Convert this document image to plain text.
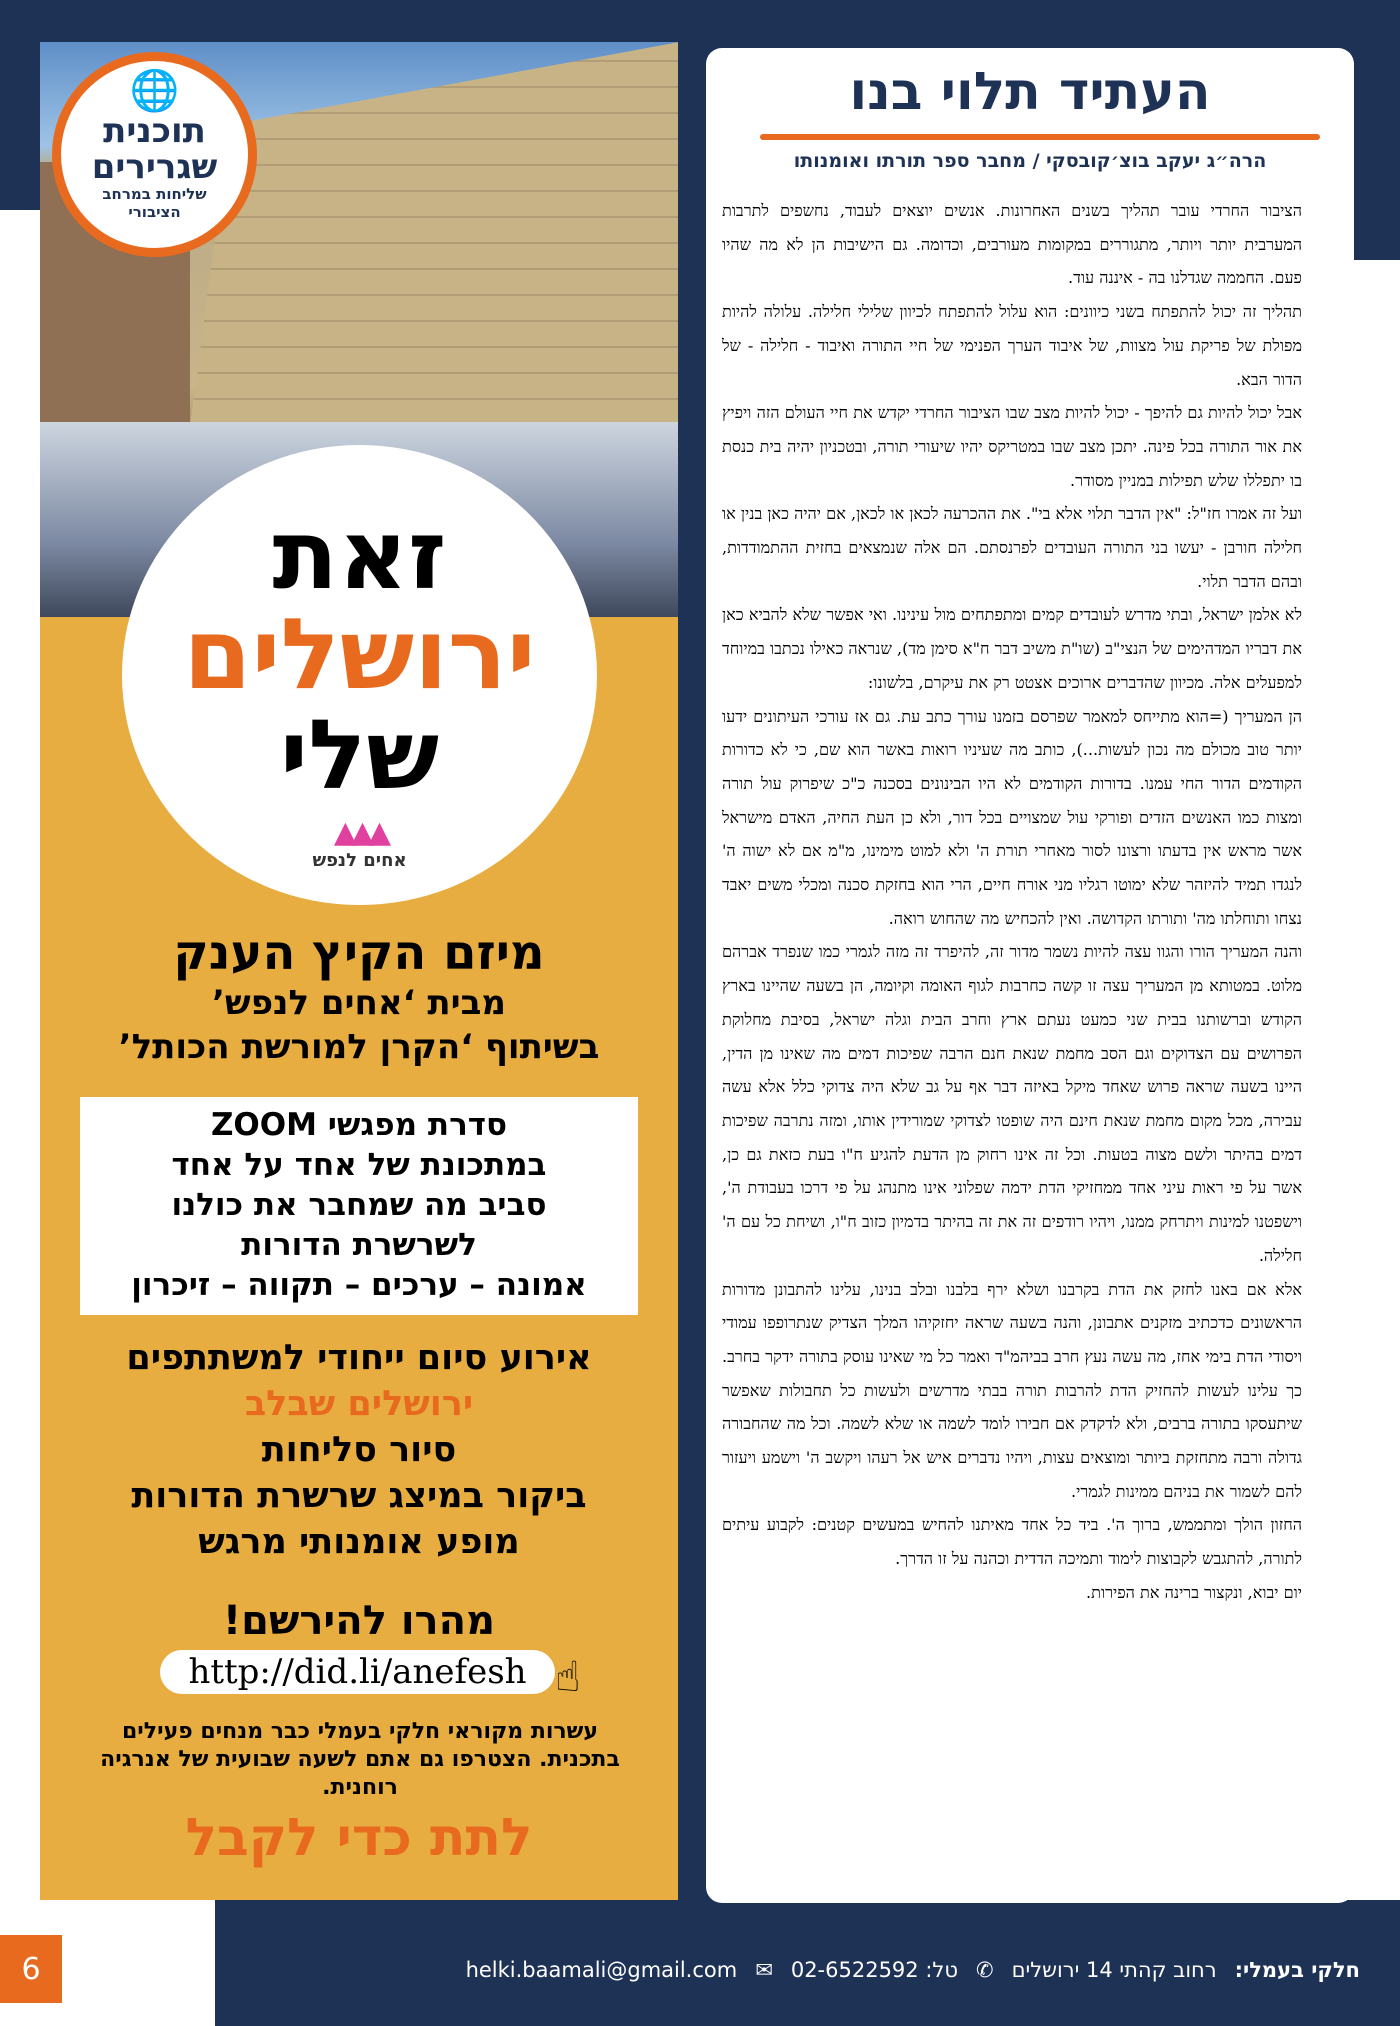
6	חלקי בעמלי:
רחוב קהתי 14 ירושלים
✆
טל: 02-6522592
✉
helki.baamali@gmail.com
🌐
תוכנית שגרירים
שליחות במרחב הציבורי
זאת
ירושלים
שלי
▲▲▲
אחים לנפש
מיזם הקיץ הענק
מבית ‘אחים לנפש’
בשיתוף ‘הקרן למורשת הכותל’
סדרת מפגשי ZOOM
במתכונת של אחד על אחד
סביב מה שמחבר את כולנו
לשרשרת הדורות
אמונה – ערכים – תקווה – זיכרון
אירוע סיום ייחודי למשתתפים
ירושלים שבלב
סיור סליחות
ביקור במיצג שרשרת הדורות
מופע אומנותי מרגש
מהרו להירשם!
http://did.li/anefesh ☝
עשרות מקוראי חלקי בעמלי כבר מנחים פעילים בתכנית. הצטרפו גם אתם לשעה שבועית של אנרגיה רוחנית.
לתת כדי לקבל
העתיד תלוי בנו
הרה״ג יעקב בוצ׳קובסקי / מחבר ספר תורתו ואומנותו

הציבור החרדי עובר תהליך בשנים האחרונות. אנשים יוצאים לעבוד, נחשפים לתרבות המערבית יותר ויותר, מתגוררים במקומות מעורבים, וכדומה. גם הישיבות הן לא מה שהיו פעם. החממה שגדלנו בה - איננה עוד.

תהליך זה יכול להתפתח בשני כיוונים: הוא עלול להתפתח לכיוון שלילי חלילה. עלולה להיות מפולת של פריקת עול מצוות, של איבוד הערך הפנימי של חיי התורה ואיבוד - חלילה - של הדור הבא.

אבל יכול להיות גם להיפך - יכול להיות מצב שבו הציבור החרדי יקדש את חיי העולם הזה ויפיץ את אור התורה בכל פינה. יתכן מצב שבו במטריקס יהיו שיעורי תורה, ובטכניון יהיה בית כנסת בו יתפללו שלש תפילות במניין מסודר.

ועל זה אמרו חז"ל: "אין הדבר תלוי אלא בי". את ההכרעה לכאן או לכאן, אם יהיה כאן בנין או חלילה חורבן - יעשו בני התורה העובדים לפרנסתם. הם אלה שנמצאים בחזית ההתמודדות, ובהם הדבר תלוי.

לא אלמן ישראל, ובתי מדרש לעובדים קמים ומתפתחים מול עינינו. ואי אפשר שלא להביא כאן את דבריו המדהימים של הנצי"ב (שו"ת משיב דבר ח"א סימן מד), שנראה כאילו נכתבו במיוחד למפעלים אלה. מכיוון שהדברים ארוכים אצטט רק את עיקרם, בלשונו:

הן המעריך (=הוא מתייחס למאמר שפרסם בזמנו עורך כתב עת. גם אז עורכי העיתונים ידעו יותר טוב מכולם מה נכון לעשות...), כותב מה שעיניו רואות באשר הוא שם, כי לא כדורות הקודמים הדור החי עמנו. בדורות הקודמים לא היו הבינונים בסכנה כ"כ שיפרוק עול תורה ומצות כמו האנשים הזדים ופורקי עול שמצויים בכל דור, ולא כן העת החיה, האדם מישראל אשר מראש אין בדעתו ורצונו לסור מאחרי תורת ה' ולא למוט מימינו, מ"מ אם לא ישוה ה' לנגדו תמיד להיזהר שלא ימוטו רגליו מני אורח חיים, הרי הוא בחזקת סכנה ומכלי משים יאבד נצחו ותוחלתו מה' ותורתו הקדושה. ואין להכחיש מה שהחוש רואה.

והנה המעריך הורו והגוו עצה להיות נשמר מדור זה, להיפרד זה מזה לגמרי כמו שנפרד אברהם מלוט. במטותא מן המעריך עצה זו קשה כחרבות לגוף האומה וקיומה, הן בשעה שהיינו בארץ הקודש וברשותנו בבית שני כמעט נעתם ארץ וחרב הבית וגלה ישראל, בסיבת מחלוקת הפרושים עם הצדוקים וגם הסב מחמת שנאת חנם הרבה שפיכות דמים מה שאינו מן הדין, היינו בשעה שראה פרוש שאחד מיקל באיזה דבר אף על גב שלא היה צדוקי כלל אלא עשה עבירה, מכל מקום מחמת שנאת חינם היה שופטו לצדוקי שמורידין אותו, ומזה נתרבה שפיכות דמים בהיתר ולשם מצוה בטעות. וכל זה אינו רחוק מן הדעת להגיע ח"ו בעת כזאת גם כן, אשר על פי ראות עיני אחד ממחזיקי הדת ידמה שפלוני אינו מתנהג על פי דרכו בעבודת ה', וישפטנו למינות ויתרחק ממנו, ויהיו רודפים זה את זה בהיתר בדמיון כזוב ח"ו, ושיחת כל עם ה' חלילה.

אלא אם באנו לחזק את הדת בקרבנו ושלא ירף בלבנו ובלב בנינו, עלינו להתבונן מדורות הראשונים כדכתיב מזקנים אתבונן, והנה בשעה שראה יחזקיהו המלך הצדיק שנתרופפו עמודי ויסודי הדת בימי אחז, מה עשה נעץ חרב בביהמ"ד ואמר כל מי שאינו עוסק בתורה ידקר בחרב. כך עלינו לעשות להחזיק הדת להרבות תורה בבתי מדרשים ולעשות כל תחבולות שאפשר שיתעסקו בתורה ברבים, ולא לדקדק אם חבירו לומד לשמה או שלא לשמה. וכל מה שהחבורה גדולה ורבה מתחזקת ביותר ומוצאים עצות, ויהיו נדברים איש אל רעהו ויקשב ה' וישמע ויעזור להם לשמור את בניהם ממינות לגמרי.

החזון הולך ומתממש, ברוך ה'. ביד כל אחד מאיתנו להחיש במעשים קטנים: לקבוע עיתים לתורה, להתגבש לקבוצות לימוד ותמיכה הדדית וכהנה על זו הדרך.

יום יבוא, ונקצור ברינה את הפירות.
